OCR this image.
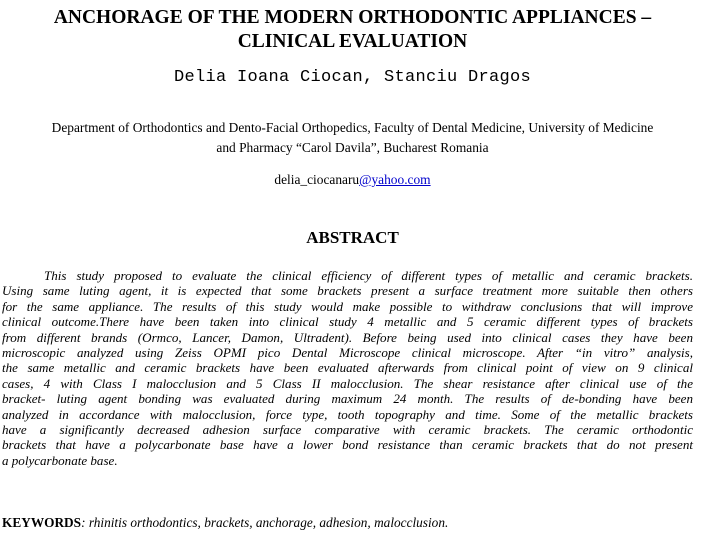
ANCHORAGE OF THE MODERN ORTHODONTIC APPLIANCES –
CLINICAL EVALUATION
Delia Ioana Ciocan, Stanciu Dragos
Department of Orthodontics and Dento-Facial Orthopedics, Faculty of Dental Medicine, University of Medicine
and Pharmacy “Carol Davila”, Bucharest Romania
delia_ciocanaru@yahoo.com
ABSTRACT
This study proposed to evaluate the clinical efficiency of different types of metallic and ceramic brackets.
Using same luting agent, it is expected that some brackets present a surface treatment more suitable then others
for the same appliance. The results of this study would make possible to withdraw conclusions that will improve
clinical outcome.There have been taken into clinical study 4 metallic and 5 ceramic different types of brackets
from different brands (Ormco, Lancer, Damon, Ultradent). Before being used into clinical cases they have been
microscopic analyzed using Zeiss OPMI pico Dental Microscope clinical microscope. After “in vitro” analysis,
the same metallic and ceramic brackets have been evaluated afterwards from clinical point of view on 9 clinical
cases, 4 with Class I malocclusion and 5 Class II malocclusion. The shear resistance after clinical use of the
bracket- luting agent bonding was evaluated during maximum 24 month. The results of de-bonding have been
analyzed in accordance with malocclusion, force type, tooth topography and time. Some of the metallic brackets
have a significantly decreased adhesion surface comparative with ceramic brackets. The ceramic orthodontic
brackets that have a polycarbonate base have a lower bond resistance than ceramic brackets that do not present
a polycarbonate base.
KEYWORDS: rhinitis orthodontics, brackets, anchorage, adhesion, malocclusion.
